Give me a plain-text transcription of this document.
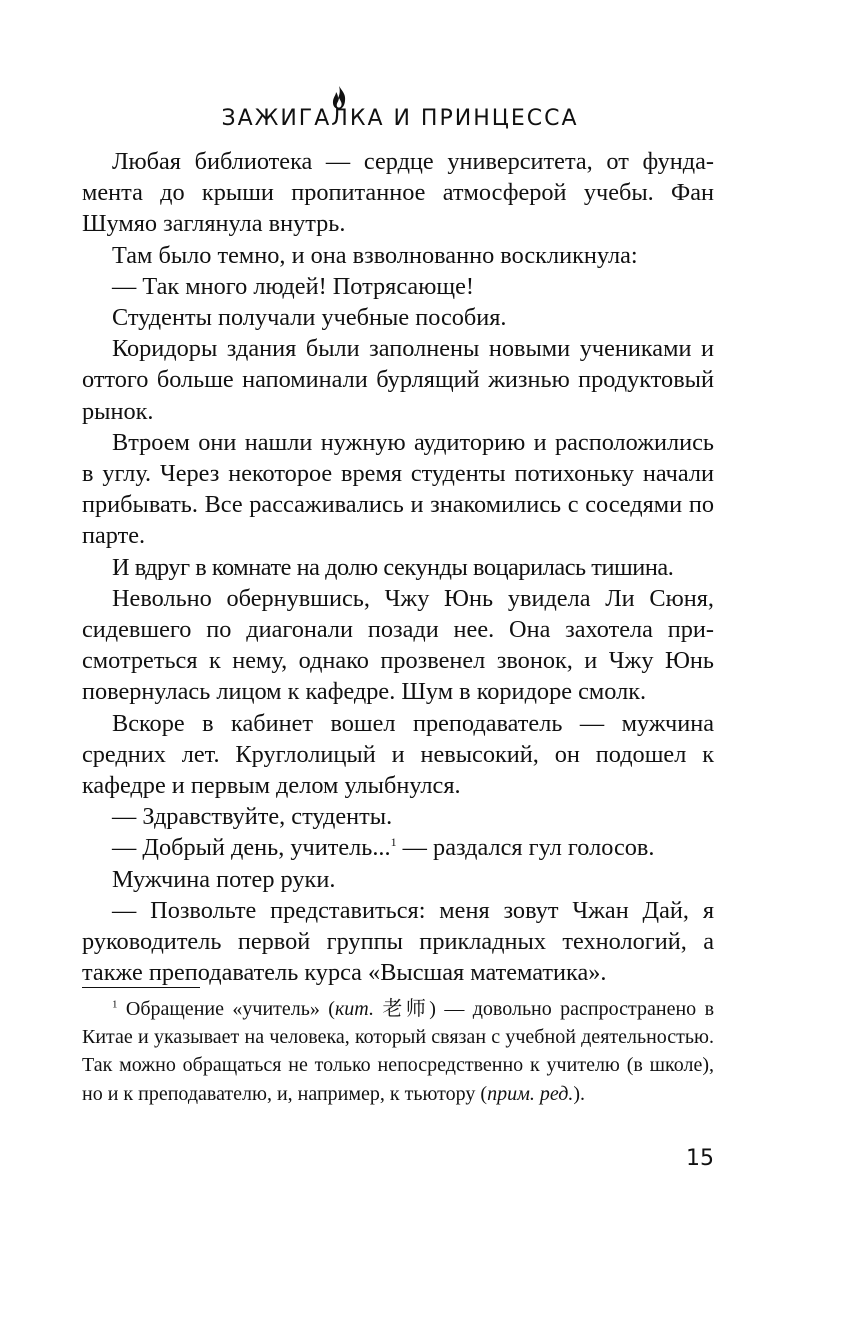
ЗАЖИГАЛКА И ПРИНЦЕССА

Любая библиотека — сердце университета, от фундамента до крыши пропитанное атмосферой учебы. Фан Шумяо заглянула внутрь.

Там было темно, и она взволнованно воскликнула:

— Так много людей! Потрясающе!

Студенты получали учебные пособия.

Коридоры здания были заполнены новыми учениками и оттого больше напоминали бурлящий жизнью продуктовый рынок.

Втроем они нашли нужную аудиторию и расположились в углу. Через некоторое время студенты потихоньку начали прибывать. Все рассаживались и знакомились с соседями по парте.

И вдруг в комнате на долю секунды воцарилась тишина.

Невольно обернувшись, Чжу Юнь увидела Ли Сюня, сидевшего по диагонали позади нее. Она захотела присмотреться к нему, однако прозвенел звонок, и Чжу Юнь повернулась лицом к кафедре. Шум в коридоре смолк.

Вскоре в кабинет вошел преподаватель — мужчина средних лет. Круглолицый и невысокий, он подошел к кафедре и первым делом улыбнулся.

— Здравствуйте, студенты.

— Добрый день, учитель...$^1$ — раздался гул голосов.

Мужчина потер руки.

— Позвольте представиться: меня зовут Чжан Дай, я руководитель первой группы прикладных технологий, а также преподаватель курса «Высшая математика».

$^1$ Обращение «учитель» (кит. 老师) — довольно распространено в Китае и указывает на человека, который связан с учебной деятельностью. Так можно обращаться не только непосредственно к учителю (в школе), но и к преподавателю, и, например, к тьютору (прим. ред.).

15
